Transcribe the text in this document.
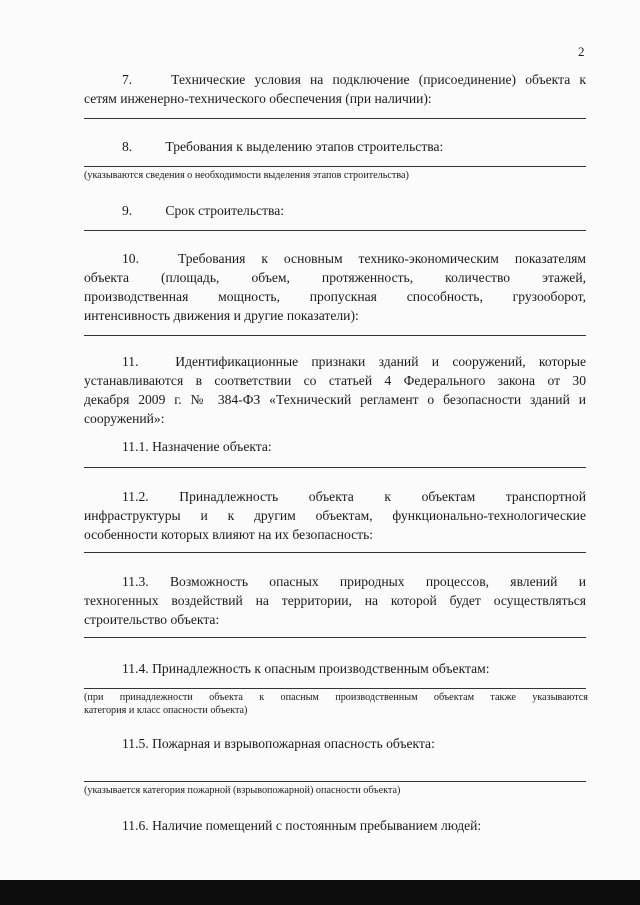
2
7.	Технические условия на подключение (присоединение) объекта к
сетям инженерно-технического обеспечения (при наличии):
8. Требования к выделению этапов строительства:
(указываются сведения о необходимости выделения этапов строительства)
9. Срок строительства:
10.	Требования к основным технико-экономическим показателям
объекта (площадь, объем, протяженность, количество этажей,
производственная мощность, пропускная способность, грузооборот,
интенсивность движения и другие показатели):
11.	Идентификационные признаки зданий и сооружений, которые
устанавливаются в соответствии со статьей 4 Федерального закона от 30
декабря 2009 г. № 384-ФЗ «Технический регламент о безопасности зданий и
сооружений»:
11.1. Назначение объекта:
11.2. Принадлежность объекта к объектам транспортной
инфраструктуры и к другим объектам, функционально-технологические
особенности которых влияют на их безопасность:
11.3. Возможность опасных природных процессов, явлений и
техногенных воздействий на территории, на которой будет осуществляться
строительство объекта:
11.4. Принадлежность к опасным производственным объектам:
(при принадлежности объекта к опасным производственным объектам также указываются
категория и класс опасности объекта)
11.5. Пожарная и взрывопожарная опасность объекта:
(указывается категория пожарной (взрывопожарной) опасности объекта)
11.6. Наличие помещений с постоянным пребыванием людей:
